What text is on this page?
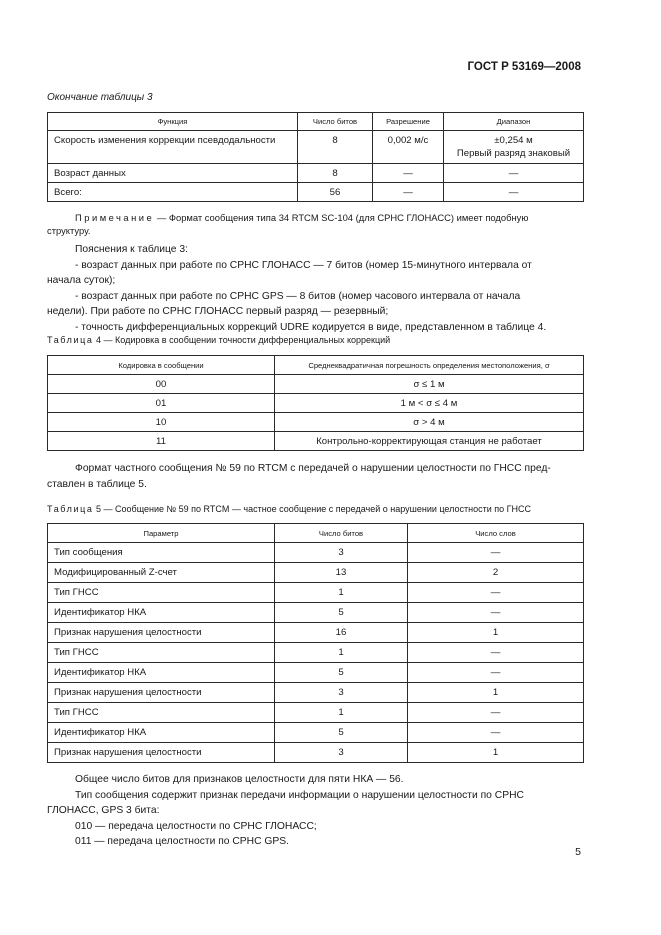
ГОСТ Р 53169—2008
Окончание таблицы 3
Функция	Число битов	Разрешение	Диапазон
Скорость изменения коррекции псевдодальности	8	0,002 м/с	±0,254 м
Первый разряд знаковый

Возраст данных	8	—	—
Всего:	56	—	—
Примечание — Формат сообщения типа 34 RTCM SC-104 (для СРНС ГЛОНАСС) имеет подобную
структуру.
Пояснения к таблице 3:
- возраст данных при работе по СРНС ГЛОНАСС — 7 битов (номер 15-минутного интервала от
начала суток);
- возраст данных при работе по СРНС GPS — 8 битов (номер часового интервала от начала
недели). При работе по СРНС ГЛОНАСС первый разряд — резервный;
- точность дифференциальных коррекций UDRE кодируется в виде, представленном в таблице 4.
Таблица 4 — Кодировка в сообщении точности дифференциальных коррекций
Кодировка в сообщении	Среднеквадратичная погрешность определения местоположения, σ
00	σ ≤ 1 м
01	1 м < σ ≤ 4 м
10	σ > 4 м
11	Контрольно-корректирующая станция не работает
Формат частного сообщения № 59 по RTCM с передачей о нарушении целостности по ГНСС пред-
ставлен в таблице 5.
Таблица 5 — Сообщение № 59 по RTCM — частное сообщение с передачей о нарушении целостности по ГНСС
Параметр	Число битов	Число слов
Тип сообщения	3	—
Модифицированный Z-счет	13	2
Тип ГНСС	1	—
Идентификатор НКА	5	—
Признак нарушения целостности	16	1
Тип ГНСС	1	—
Идентификатор НКА	5	—
Признак нарушения целостности	3	1
Тип ГНСС	1	—
Идентификатор НКА	5	—
Признак нарушения целостности	3	1
Общее число битов для признаков целостности для пяти НКА — 56.
Тип сообщения содержит признак передачи информации о нарушении целостности по СРНС
ГЛОНАСС, GPS 3 бита:
010 — передача целостности по СРНС ГЛОНАСС;
011 — передача целостности по СРНС GPS.
5
